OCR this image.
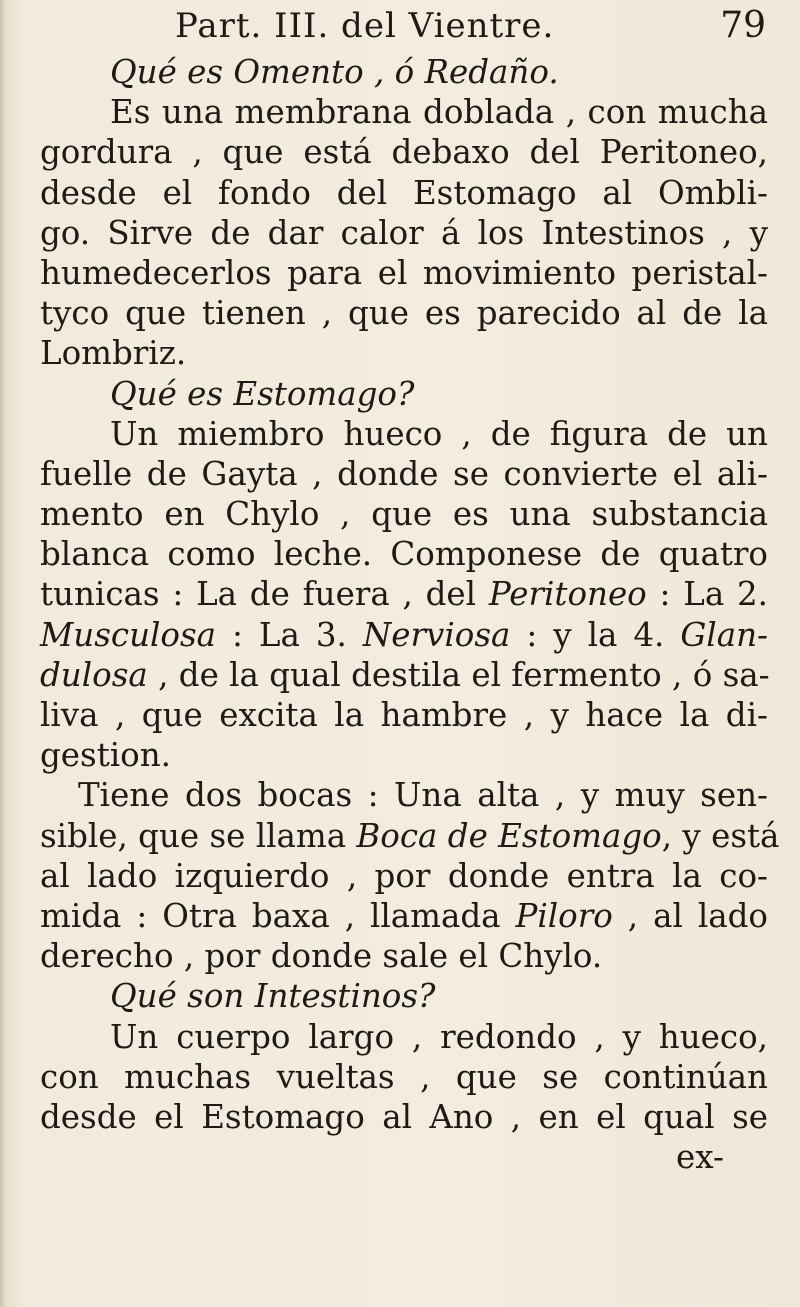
Part. III. del Vientre.	79
Qué es Omento , ó Redaño.
Es una membrana doblada , con mucha
gordura , que está debaxo del Peritoneo,
desde el fondo del Estomago al Ombli-
go. Sirve de dar calor á los Intestinos , y
humedecerlos para el movimiento peristal-
tyco que tienen , que es parecido al de la
Lombriz.
Qué es Estomago?
Un miembro hueco , de figura de un
fuelle de Gayta , donde se convierte el ali-
mento en Chylo , que es una substancia
blanca como leche. Componese de quatro
tunicas : La de fuera , del Peritoneo : La 2.
Musculosa : La 3. Nerviosa : y la 4. Glan-
dulosa , de la qual destila el fermento , ó sa-
liva , que excita la hambre , y hace la di-
gestion.
Tiene dos bocas : Una alta , y muy sen-
sible, que se llama Boca de Estomago, y está
al lado izquierdo , por donde entra la co-
mida : Otra baxa , llamada Piloro , al lado
derecho , por donde sale el Chylo.
Qué son Intestinos?
Un cuerpo largo , redondo , y hueco,
con muchas vueltas , que se continúan
desde el Estomago al Ano , en el qual se
ex-
